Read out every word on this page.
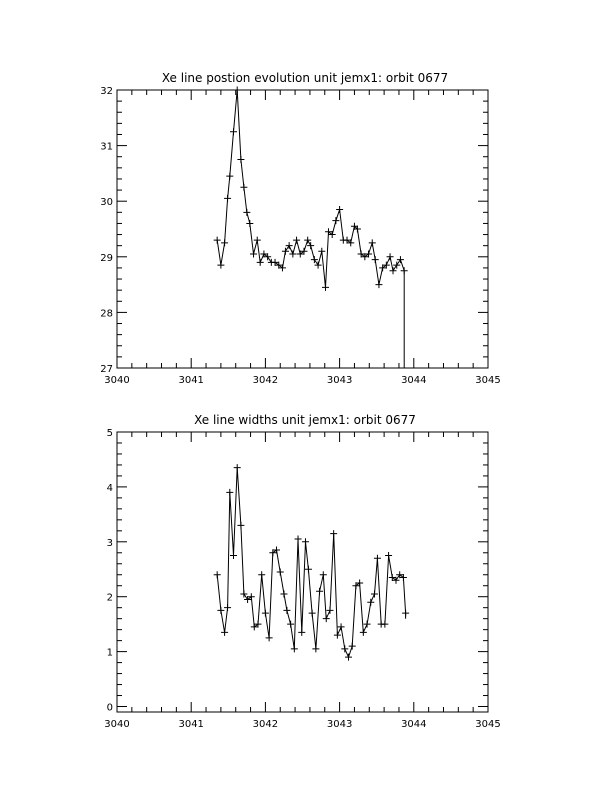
Xe line postion evolution unit jemx1: orbit 0677
3040	3041	3042	3043	3044	3045
27
28
29
30
31
32
Xe line widths unit jemx1: orbit 0677
3040	3041	3042	3043	3044	3045
0
1
2
3
4
5
